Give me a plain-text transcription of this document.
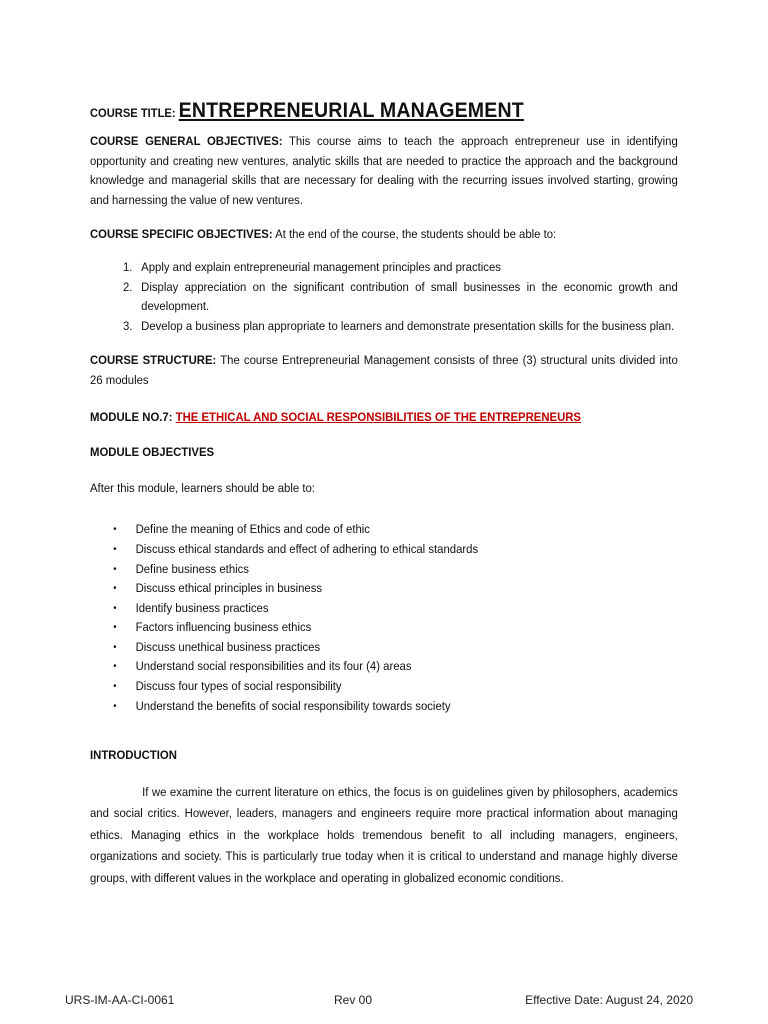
COURSE TITLE: ENTREPRENEURIAL MANAGEMENT

COURSE GENERAL OBJECTIVES: This course aims to teach the approach entrepreneur use in identifying opportunity and creating new ventures, analytic skills that are needed to practice the approach and the background knowledge and managerial skills that are necessary for dealing with the recurring issues involved starting, growing and harnessing the value of new ventures.

COURSE SPECIFIC OBJECTIVES: At the end of the course, the students should be able to:

1. Apply and explain entrepreneurial management principles and practices
2. Display appreciation on the significant contribution of small businesses in the economic growth and development.
3. Develop a business plan appropriate to learners and demonstrate presentation skills for the business plan.

COURSE STRUCTURE: The course Entrepreneurial Management consists of three (3) structural units divided into 26 modules

MODULE NO.7: THE ETHICAL AND SOCIAL RESPONSIBILITIES OF THE ENTREPRENEURS

MODULE OBJECTIVES

After this module, learners should be able to:

• Define the meaning of Ethics and code of ethic
• Discuss ethical standards and effect of adhering to ethical standards
• Define business ethics
• Discuss ethical principles in business
• Identify business practices
• Factors influencing business ethics
• Discuss unethical business practices
• Understand social responsibilities and its four (4) areas
• Discuss four types of social responsibility
• Understand the benefits of social responsibility towards society

INTRODUCTION

If we examine the current literature on ethics, the focus is on guidelines given by philosophers, academics and social critics. However, leaders, managers and engineers require more practical information about managing ethics. Managing ethics in the workplace holds tremendous benefit to all including managers, engineers, organizations and society. This is particularly true today when it is critical to understand and manage highly diverse groups, with different values in the workplace and operating in globalized economic conditions.

URS-IM-AA-CI-0061	Rev 00	Effective Date: August 24, 2020
